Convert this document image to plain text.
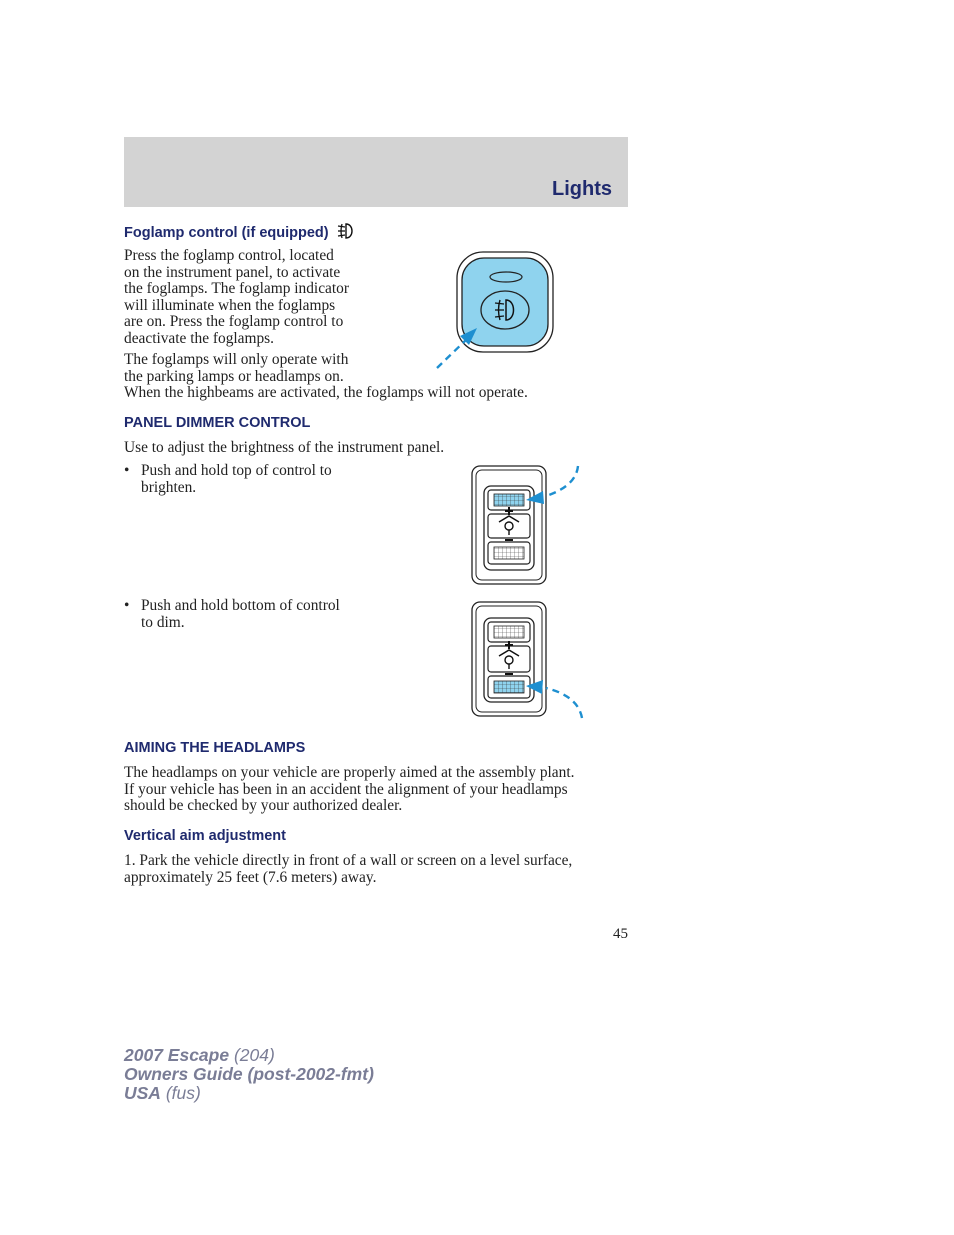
Lights
Foglamp control (if equipped)
Press the foglamp control, located
on the instrument panel, to activate
the foglamps. The foglamp indicator
will illuminate when the foglamps
are on. Press the foglamp control to
deactivate the foglamps.
The foglamps will only operate with
the parking lamps or headlamps on.
When the highbeams are activated, the foglamps will not operate.
PANEL DIMMER CONTROL
Use to adjust the brightness of the instrument panel.
• Push and hold top of control to
brighten.
• Push and hold bottom of control
to dim.
AIMING THE HEADLAMPS
The headlamps on your vehicle are properly aimed at the assembly plant.
If your vehicle has been in an accident the alignment of your headlamps
should be checked by your authorized dealer.
Vertical aim adjustment
1. Park the vehicle directly in front of a wall or screen on a level surface,
approximately 25 feet (7.6 meters) away.
45
2007 Escape (204)
Owners Guide (post-2002-fmt)
USA (fus)
